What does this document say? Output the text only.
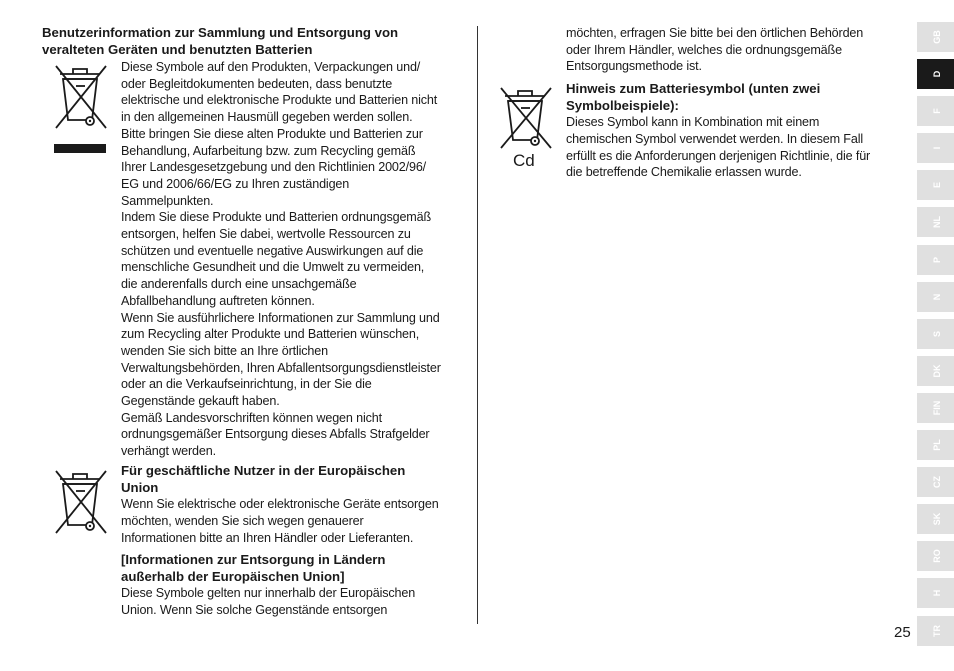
Benutzerinformation zur Sammlung und Entsorgung von

veralteten Geräten und benutzten Batterien

Diese Symbole auf den Produkten, Verpackungen und/

oder Begleitdokumenten bedeuten, dass benutzte

elektrische und elektronische Produkte und Batterien nicht

in den allgemeinen Hausmüll gegeben werden sollen.

Bitte bringen Sie diese alten Produkte und Batterien zur

Behandlung, Aufarbeitung bzw. zum Recycling gemäß

Ihrer Landesgesetzgebung und den Richtlinien 2002/96/

EG und 2006/66/EG zu Ihren zuständigen

Sammelpunkten.

Indem Sie diese Produkte und Batterien ordnungsgemäß

entsorgen, helfen Sie dabei, wertvolle Ressourcen zu

schützen und eventuelle negative Auswirkungen auf die

menschliche Gesundheit und die Umwelt zu vermeiden,

die anderenfalls durch eine unsachgemäße

Abfallbehandlung auftreten können.

Wenn Sie ausführlichere Informationen zur Sammlung und

zum Recycling alter Produkte und Batterien wünschen,

wenden Sie sich bitte an Ihre örtlichen

Verwaltungsbehörden, Ihren Abfallentsorgungsdienstleister

oder an die Verkaufseinrichtung, in der Sie die

Gegenstände gekauft haben.

Gemäß Landesvorschriften können wegen nicht

ordnungsgemäßer Entsorgung dieses Abfalls Strafgelder

verhängt werden.

Für geschäftliche Nutzer in der Europäischen

Union

Wenn Sie elektrische oder elektronische Geräte entsorgen

möchten, wenden Sie sich wegen genauerer

Informationen bitte an Ihren Händler oder Lieferanten.

[Informationen zur Entsorgung in Ländern

außerhalb der Europäischen Union]

Diese Symbole gelten nur innerhalb der Europäischen

Union. Wenn Sie solche Gegenstände entsorgen

möchten, erfragen Sie bitte bei den örtlichen Behörden

oder Ihrem Händler, welches die ordnungsgemäße

Entsorgungsmethode ist.

Cd

Hinweis zum Batteriesymbol (unten zwei

Symbolbeispiele):

Dieses Symbol kann in Kombination mit einem

chemischen Symbol verwendet werden. In diesem Fall

erfüllt es die Anforderungen derjenigen Richtlinie, die für

die betreffende Chemikalie erlassen wurde.

GB
D
F
I
E
NL
P
N
S
DK
FIN
PL
CZ
SK
RO
H
TR
25
